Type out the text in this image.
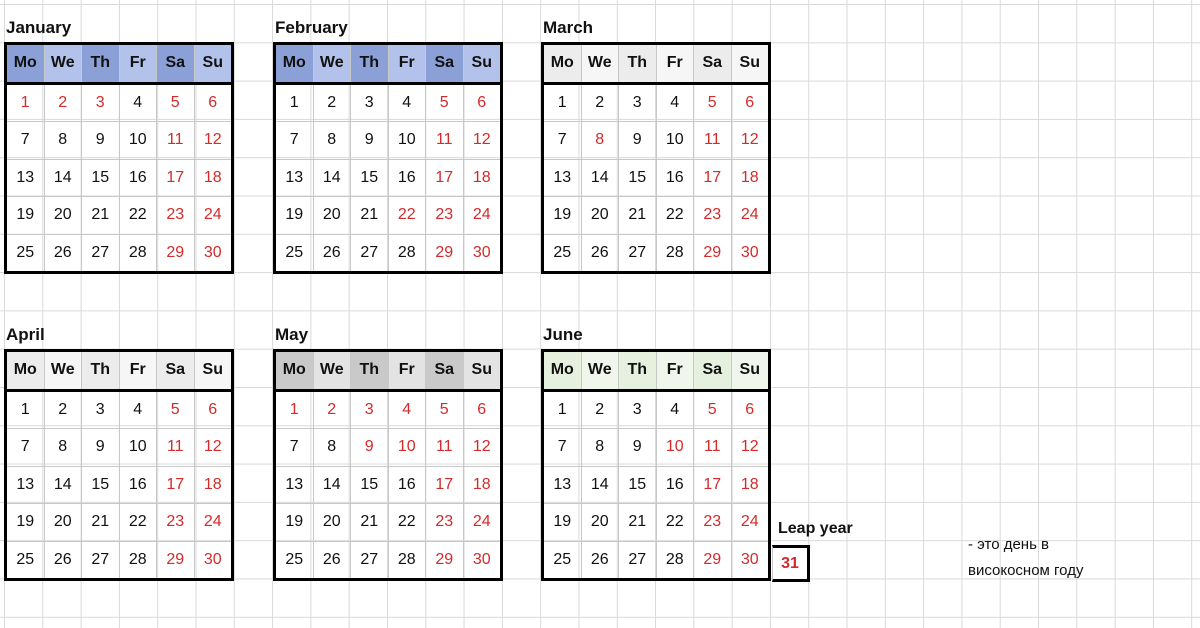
January
Mo	We	Th	Fr	Sa	Su
1	2	3	4	5	6
7	8	9	10	11	12
13	14	15	16	17	18
19	20	21	22	23	24
25	26	27	28	29	30
February
Mo	We	Th	Fr	Sa	Su
1	2	3	4	5	6
7	8	9	10	11	12
13	14	15	16	17	18
19	20	21	22	23	24
25	26	27	28	29	30
March
Mo	We	Th	Fr	Sa	Su
1	2	3	4	5	6
7	8	9	10	11	12
13	14	15	16	17	18
19	20	21	22	23	24
25	26	27	28	29	30
April
Mo	We	Th	Fr	Sa	Su
1	2	3	4	5	6
7	8	9	10	11	12
13	14	15	16	17	18
19	20	21	22	23	24
25	26	27	28	29	30
May
Mo	We	Th	Fr	Sa	Su
1	2	3	4	5	6
7	8	9	10	11	12
13	14	15	16	17	18
19	20	21	22	23	24
25	26	27	28	29	30
June
Mo	We	Th	Fr	Sa	Su
1	2	3	4	5	6
7	8	9	10	11	12
13	14	15	16	17	18
19	20	21	22	23	24
25	26	27	28	29	30
Leap year
31
- это день в
високосном году
